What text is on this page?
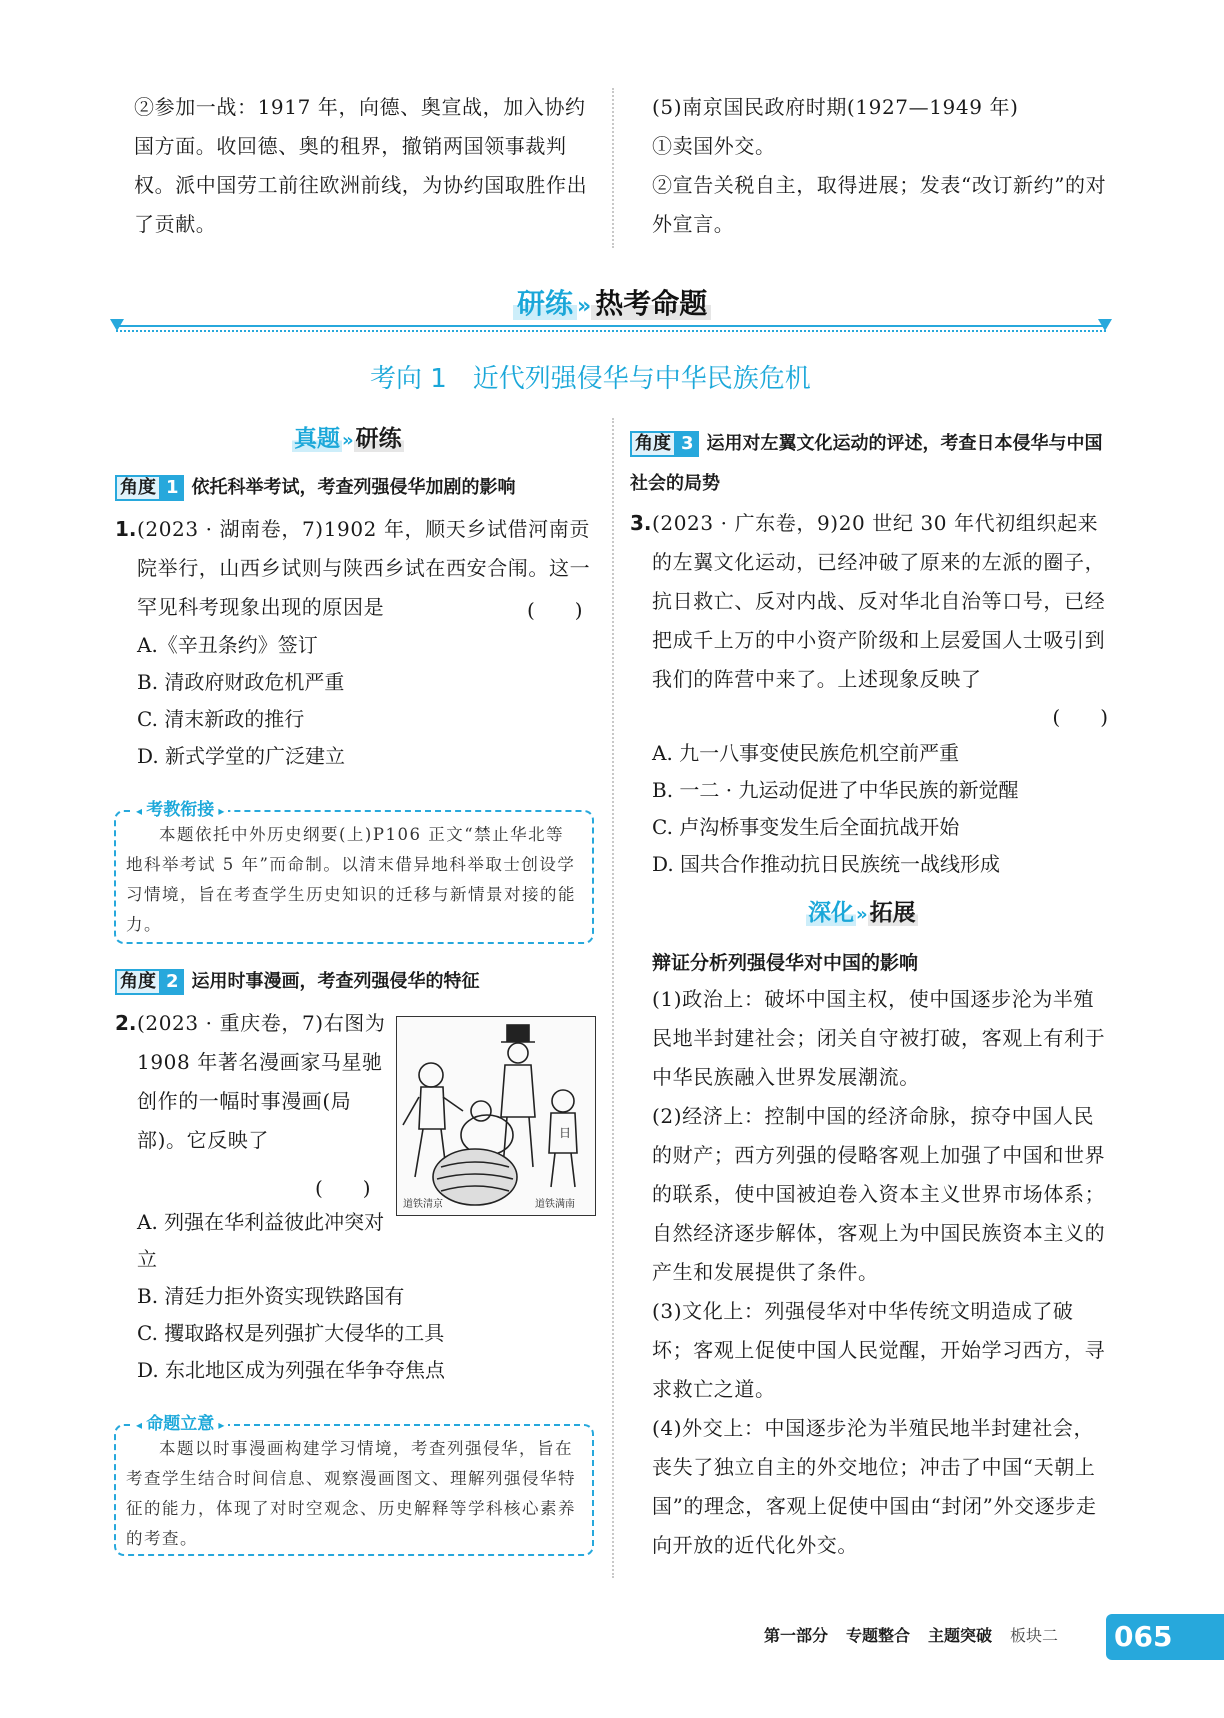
②参加一战：1917 年，向德、奥宣战，加入协约国方面。收回德、奥的租界，撤销两国领事裁判权。派中国劳工前往欧洲前线，为协约国取胜作出了贡献。
(5)南京国民政府时期(1927—1949 年)
①卖国外交。
②宣告关税自主，取得进展；发表“改订新约”的对外宣言。
研练 » 热考命题
考向 1　近代列强侵华与中华民族危机
真题 »研练
角度 1 依托科举考试，考查列强侵华加剧的影响
1. (2023 · 湖南卷，7)1902 年，顺天乡试借河南贡院举行，山西乡试则与陕西乡试在西安合闱。这一罕见科考现象出现的原因是	(　　)
A.《辛丑条约》签订
B. 清政府财政危机严重
C. 清末新政的推行
D. 新式学堂的广泛建立
◂ 考教衔接 ▸
本题依托中外历史纲要(上)P106 正文“禁止华北等地科举考试 5 年”而命制。以清末借异地科举取士创设学习情境，旨在考查学生历史知识的迁移与新情景对接的能力。
角度 2 运用时事漫画，考查列强侵华的特征
2. (2023 · 重庆卷，7)右图为 1908 年著名漫画家马星驰创作的一幅时事漫画(局部)。它反映了
(　　)
A. 列强在华利益彼此冲突对立
B. 清廷力拒外资实现铁路国有
C. 攫取路权是列强扩大侵华的工具
D. 东北地区成为列强在华争夺焦点
道铁清京	道铁满南
日
◂ 命题立意 ▸
本题以时事漫画构建学习情境，考查列强侵华，旨在考查学生结合时间信息、观察漫画图文、理解列强侵华特征的能力，体现了对时空观念、历史解释等学科核心素养的考查。
角度 3 运用对左翼文化运动的评述，考查日本侵华与中国社会的局势
3. (2023 · 广东卷，9)20 世纪 30 年代初组织起来的左翼文化运动，已经冲破了原来的左派的圈子，抗日救亡、反对内战、反对华北自治等口号，已经把成千上万的中小资产阶级和上层爱国人士吸引到我们的阵营中来了。上述现象反映了
(　　)
A. 九一八事变使民族危机空前严重
B. 一二 · 九运动促进了中华民族的新觉醒
C. 卢沟桥事变发生后全面抗战开始
D. 国共合作推动抗日民族统一战线形成
深化 »拓展
辩证分析列强侵华对中国的影响
(1)政治上：破坏中国主权，使中国逐步沦为半殖民地半封建社会；闭关自守被打破，客观上有利于中华民族融入世界发展潮流。
(2)经济上：控制中国的经济命脉，掠夺中国人民的财产；西方列强的侵略客观上加强了中国和世界的联系，使中国被迫卷入资本主义世界市场体系；自然经济逐步解体，客观上为中国民族资本主义的产生和发展提供了条件。
(3)文化上：列强侵华对中华传统文明造成了破坏；客观上促使中国人民觉醒，开始学习西方，寻求救亡之道。
(4)外交上：中国逐步沦为半殖民地半封建社会，丧失了独立自主的外交地位；冲击了中国“天朝上国”的理念，客观上促使中国由“封闭”外交逐步走向开放的近代化外交。
第一部分 专题整合 主题突破 板块二 065
